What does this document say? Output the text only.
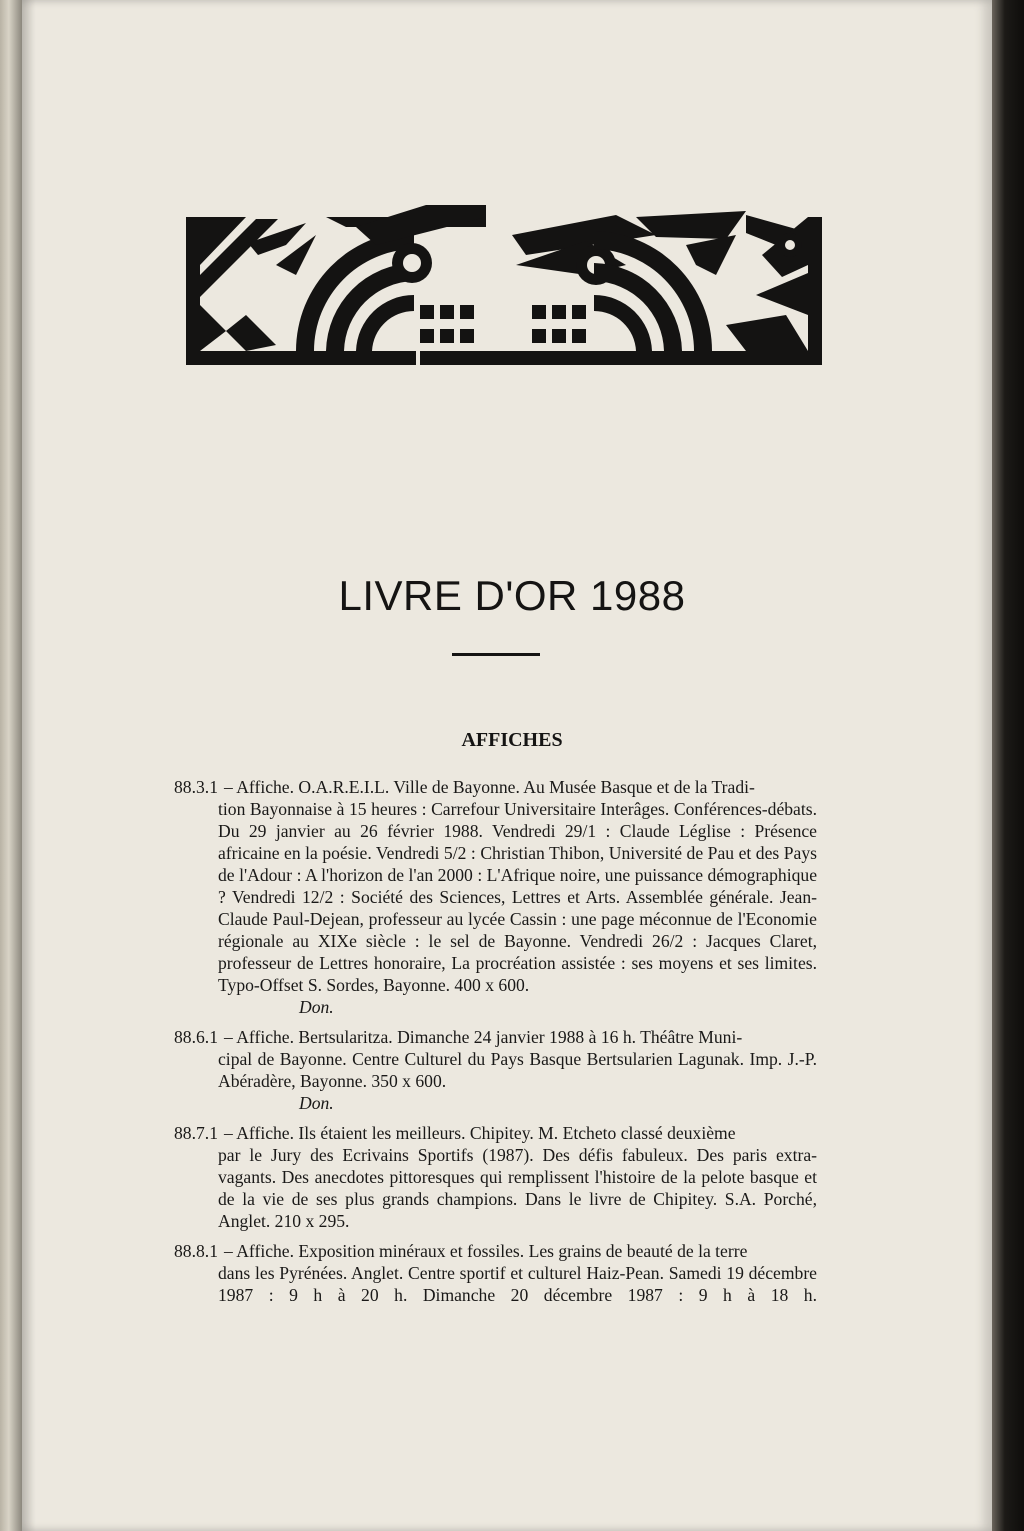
LIVRE D'OR 1988
AFFICHES
88.3.1 – Affiche. O.A.R.E.I.L. Ville de Bayonne. Au Musée Basque et de la Tradi-
tion Bayonnaise à 15 heures : Carrefour Universitaire Interâges. Conférences-débats. Du 29 janvier au 26 février 1988. Vendredi 29/1 : Claude Léglise : Présence africaine en la poésie. Vendredi 5/2 : Christian Thibon, Université de Pau et des Pays de l'Adour : A l'horizon de l'an 2000 : L'Afrique noire, une puissance démographique ? Vendredi 12/2 : Société des Sciences, Lettres et Arts. Assemblée générale. Jean-Claude Paul-Dejean, professeur au lycée Cassin : une page méconnue de l'Economie régionale au XIXe siècle : le sel de Bayonne. Vendredi 26/2 : Jacques Claret, professeur de Lettres honoraire, La procréation assistée : ses moyens et ses limites. Typo-Offset S. Sordes, Bayonne. 400 x 600.
Don.
88.6.1 – Affiche. Bertsularitza. Dimanche 24 janvier 1988 à 16 h. Théâtre Muni-
cipal de Bayonne. Centre Culturel du Pays Basque Bertsularien Lagunak. Imp. J.-P. Abéradère, Bayonne. 350 x 600.
Don.
88.7.1 – Affiche. Ils étaient les meilleurs. Chipitey. M. Etcheto classé deuxième
par le Jury des Ecrivains Sportifs (1987). Des défis fabuleux. Des paris extra-vagants. Des anecdotes pittoresques qui remplissent l'histoire de la pelote basque et de la vie de ses plus grands champions. Dans le livre de Chipitey. S.A. Porché, Anglet. 210 x 295.
88.8.1 – Affiche. Exposition minéraux et fossiles. Les grains de beauté de la terre
dans les Pyrénées. Anglet. Centre sportif et culturel Haiz-Pean. Samedi 19 décembre 1987 : 9 h à 20 h. Dimanche 20 décembre 1987 : 9 h à 18 h.
